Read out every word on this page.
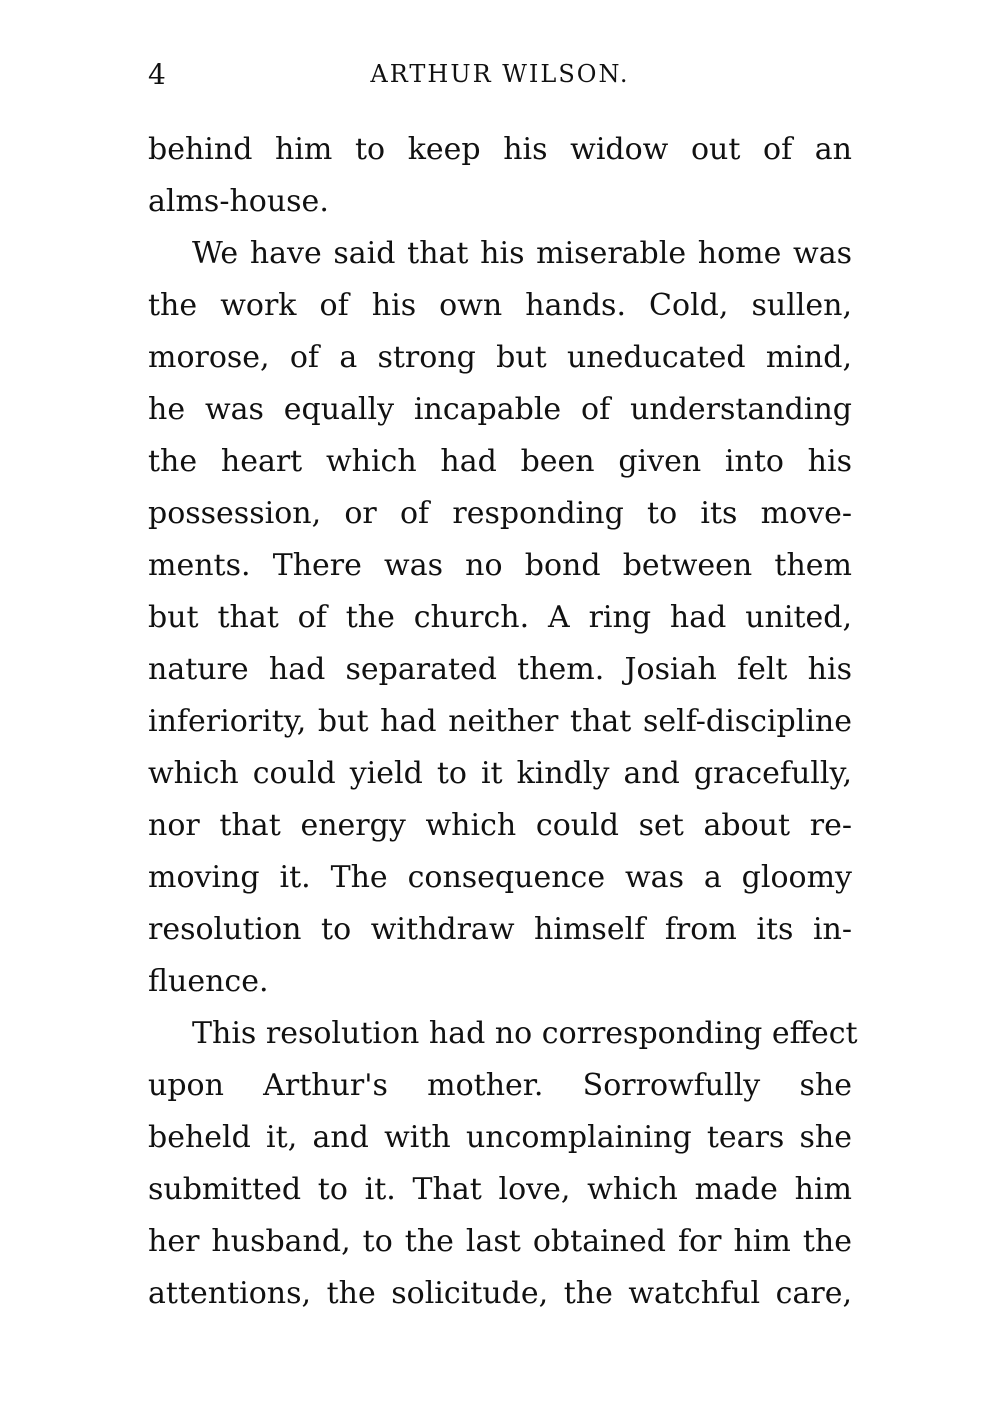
4	ARTHUR WILSON.
behind him to keep his widow out of an
alms-house.
We have said that his miserable home was
the work of his own hands. Cold, sullen,
morose, of a strong but uneducated mind,
he was equally incapable of understanding
the heart which had been given into his
possession, or of responding to its move-
ments. There was no bond between them
but that of the church. A ring had united,
nature had separated them. Josiah felt his
inferiority, but had neither that self-discipline
which could yield to it kindly and gracefully,
nor that energy which could set about re-
moving it. The consequence was a gloomy
resolution to withdraw himself from its in-
fluence.
This resolution had no corresponding effect
upon Arthur's mother. Sorrowfully she
beheld it, and with uncomplaining tears she
submitted to it. That love, which made him
her husband, to the last obtained for him the
attentions, the solicitude, the watchful care,
